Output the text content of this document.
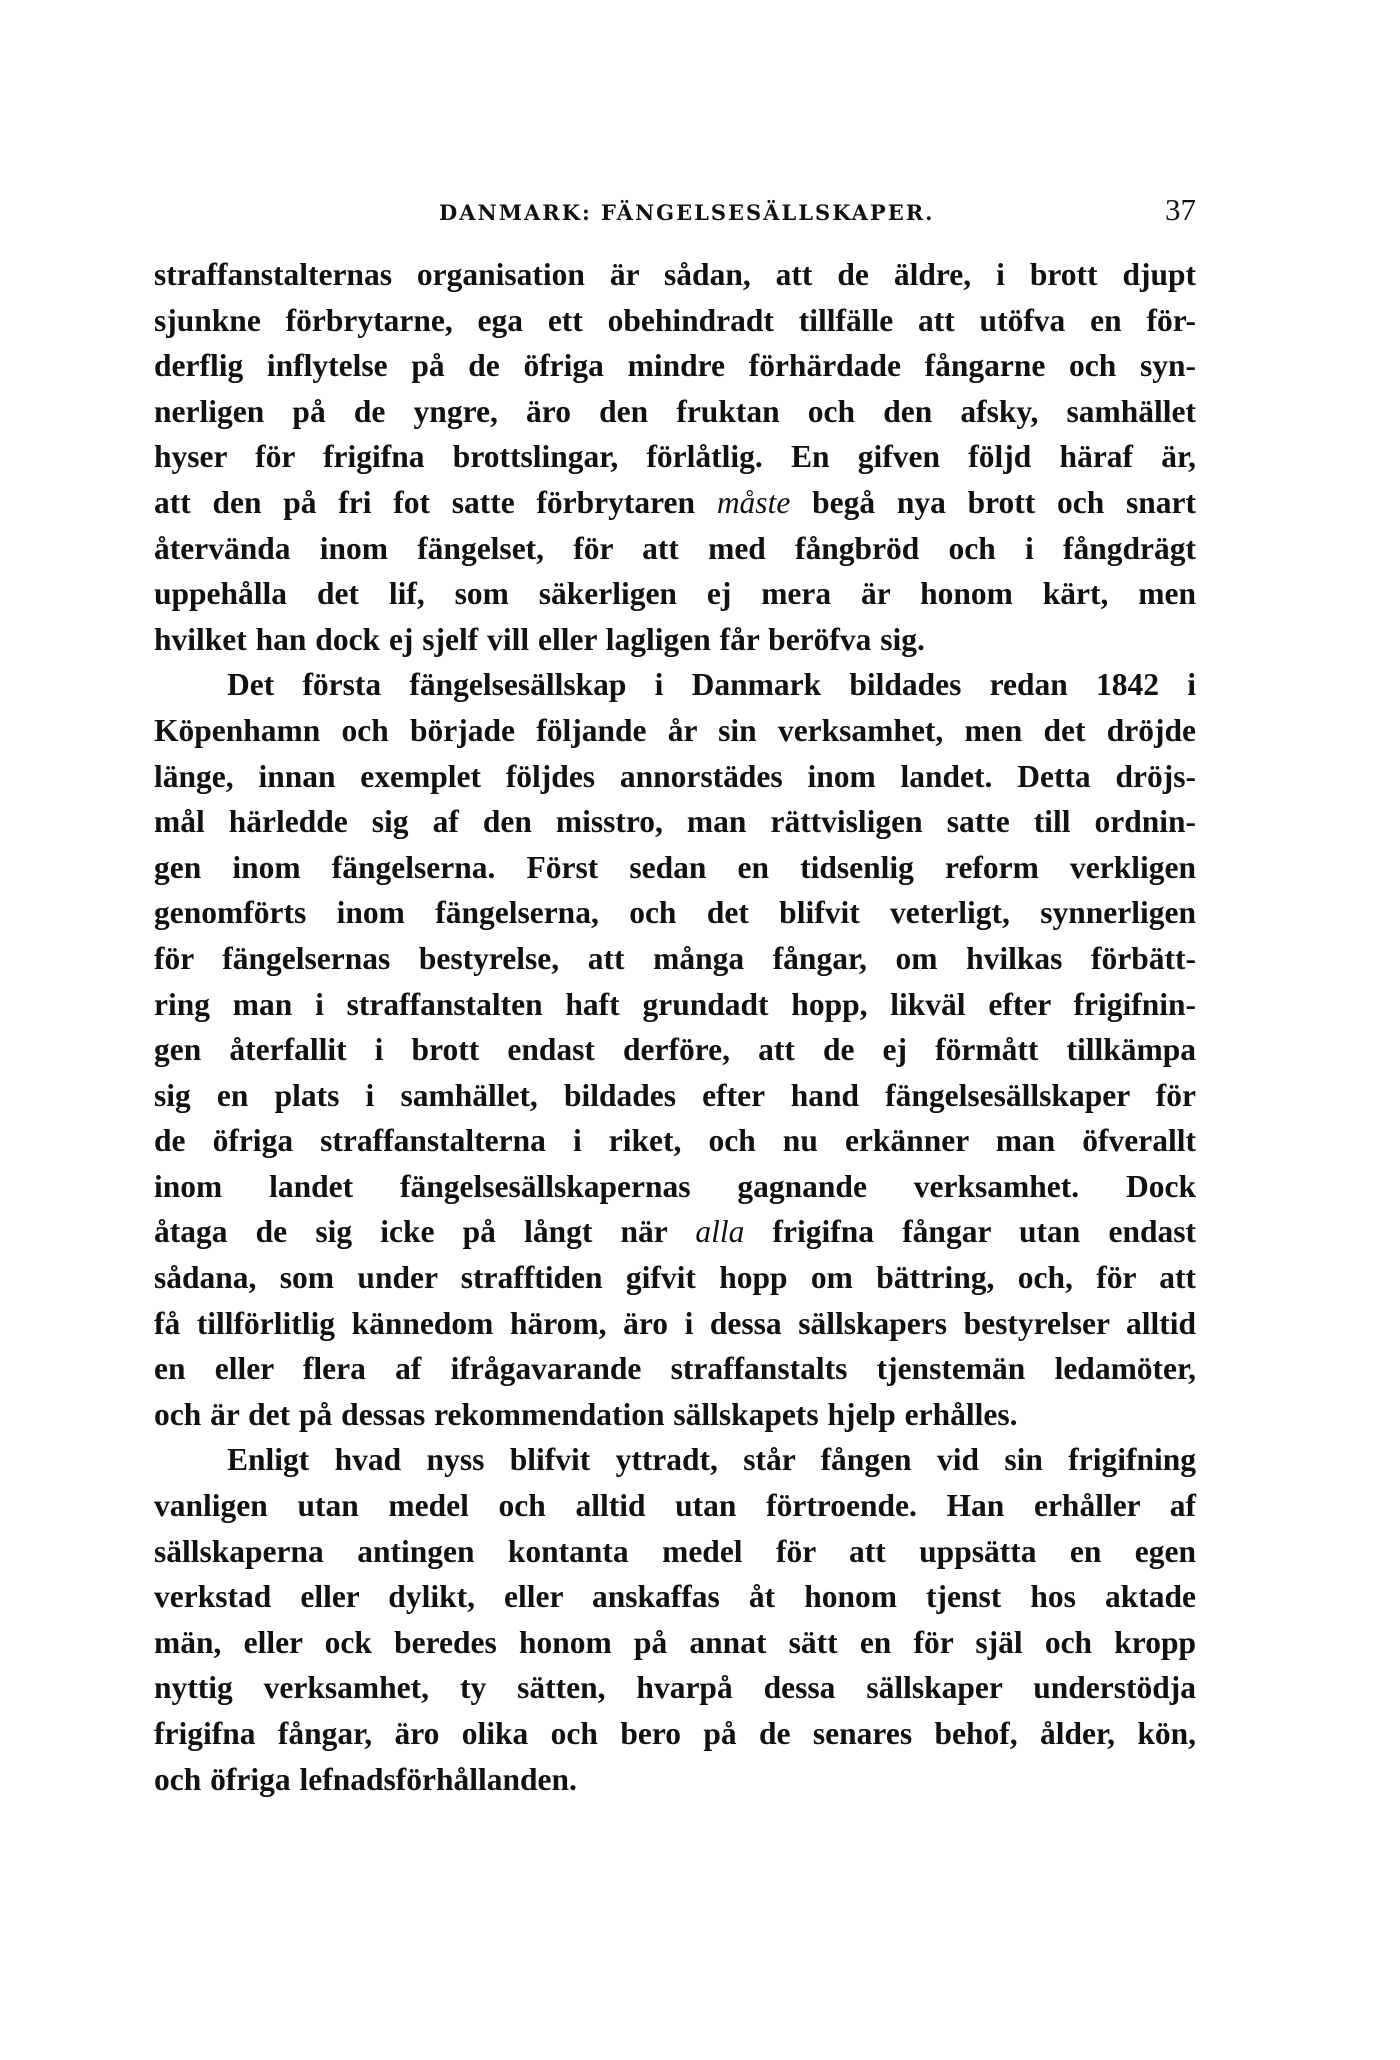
DANMARK: FÄNGELSESÄLLSKAPER.	37
straffanstalternas organisation är sådan, att de äldre, i brott djupt
sjunkne förbrytarne, ega ett obehindradt tillfälle att utöfva en för-
derflig inflytelse på de öfriga mindre förhärdade fångarne och syn-
nerligen på de yngre, äro den fruktan och den afsky, samhället
hyser för frigifna brottslingar, förlåtlig. En gifven följd häraf är,
att den på fri fot satte förbrytaren måste begå nya brott och snart
återvända inom fängelset, för att med fångbröd och i fångdrägt
uppehålla det lif, som säkerligen ej mera är honom kärt, men
hvilket han dock ej sjelf vill eller lagligen får beröfva sig.
Det första fängelsesällskap i Danmark bildades redan 1842 i
Köpenhamn och började följande år sin verksamhet, men det dröjde
länge, innan exemplet följdes annorstädes inom landet. Detta dröjs-
mål härledde sig af den misstro, man rättvisligen satte till ordnin-
gen inom fängelserna. Först sedan en tidsenlig reform verkligen
genomförts inom fängelserna, och det blifvit veterligt, synnerligen
för fängelsernas bestyrelse, att många fångar, om hvilkas förbätt-
ring man i straffanstalten haft grundadt hopp, likväl efter frigifnin-
gen återfallit i brott endast derföre, att de ej förmått tillkämpa
sig en plats i samhället, bildades efter hand fängelsesällskaper för
de öfriga straffanstalterna i riket, och nu erkänner man öfverallt
inom landet fängelsesällskapernas gagnande verksamhet. Dock
åtaga de sig icke på långt när alla frigifna fångar utan endast
sådana, som under strafftiden gifvit hopp om bättring, och, för att
få tillförlitlig kännedom härom, äro i dessa sällskapers bestyrelser alltid
en eller flera af ifrågavarande straffanstalts tjenstemän ledamöter,
och är det på dessas rekommendation sällskapets hjelp erhålles.
Enligt hvad nyss blifvit yttradt, står fången vid sin frigifning
vanligen utan medel och alltid utan förtroende. Han erhåller af
sällskaperna antingen kontanta medel för att uppsätta en egen
verkstad eller dylikt, eller anskaffas åt honom tjenst hos aktade
män, eller ock beredes honom på annat sätt en för själ och kropp
nyttig verksamhet, ty sätten, hvarpå dessa sällskaper understödja
frigifna fångar, äro olika och bero på de senares behof, ålder, kön,
och öfriga lefnadsförhållanden.
